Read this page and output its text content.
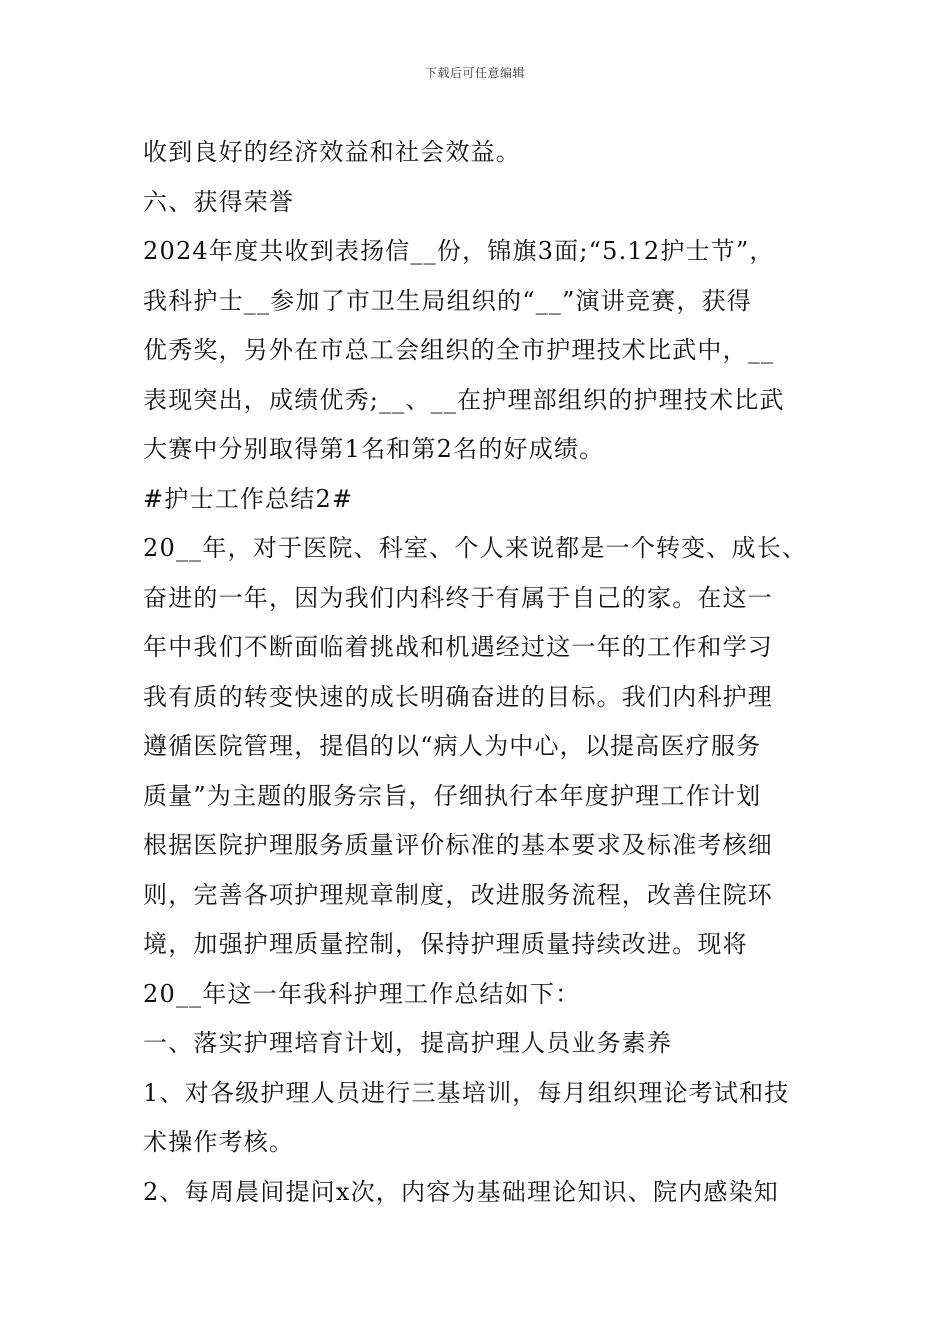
下载后可任意编辑
收到良好的经济效益和社会效益。
六、获得荣誉
2024年度共收到表扬信__份，锦旗3面;“5.12护士节”，
我科护士__参加了市卫生局组织的“__”演讲竞赛，获得
优秀奖，另外在市总工会组织的全市护理技术比武中，__
表现突出，成绩优秀;__、__在护理部组织的护理技术比武
大赛中分别取得第1名和第2名的好成绩。
#护士工作总结2#
20__年，对于医院、科室、个人来说都是一个转变、成长、
奋进的一年，因为我们内科终于有属于自己的家。在这一
年中我们不断面临着挑战和机遇经过这一年的工作和学习
我有质的转变快速的成长明确奋进的目标。我们内科护理
遵循医院管理，提倡的以“病人为中心，以提高医疗服务
质量”为主题的服务宗旨，仔细执行本年度护理工作计划
根据医院护理服务质量评价标准的基本要求及标准考核细
则，完善各项护理规章制度，改进服务流程，改善住院环
境，加强护理质量控制，保持护理质量持续改进。现将
20__年这一年我科护理工作总结如下：
一、落实护理培育计划，提高护理人员业务素养
1、对各级护理人员进行三基培训，每月组织理论考试和技
术操作考核。
2、每周晨间提问x次，内容为基础理论知识、院内感染知
